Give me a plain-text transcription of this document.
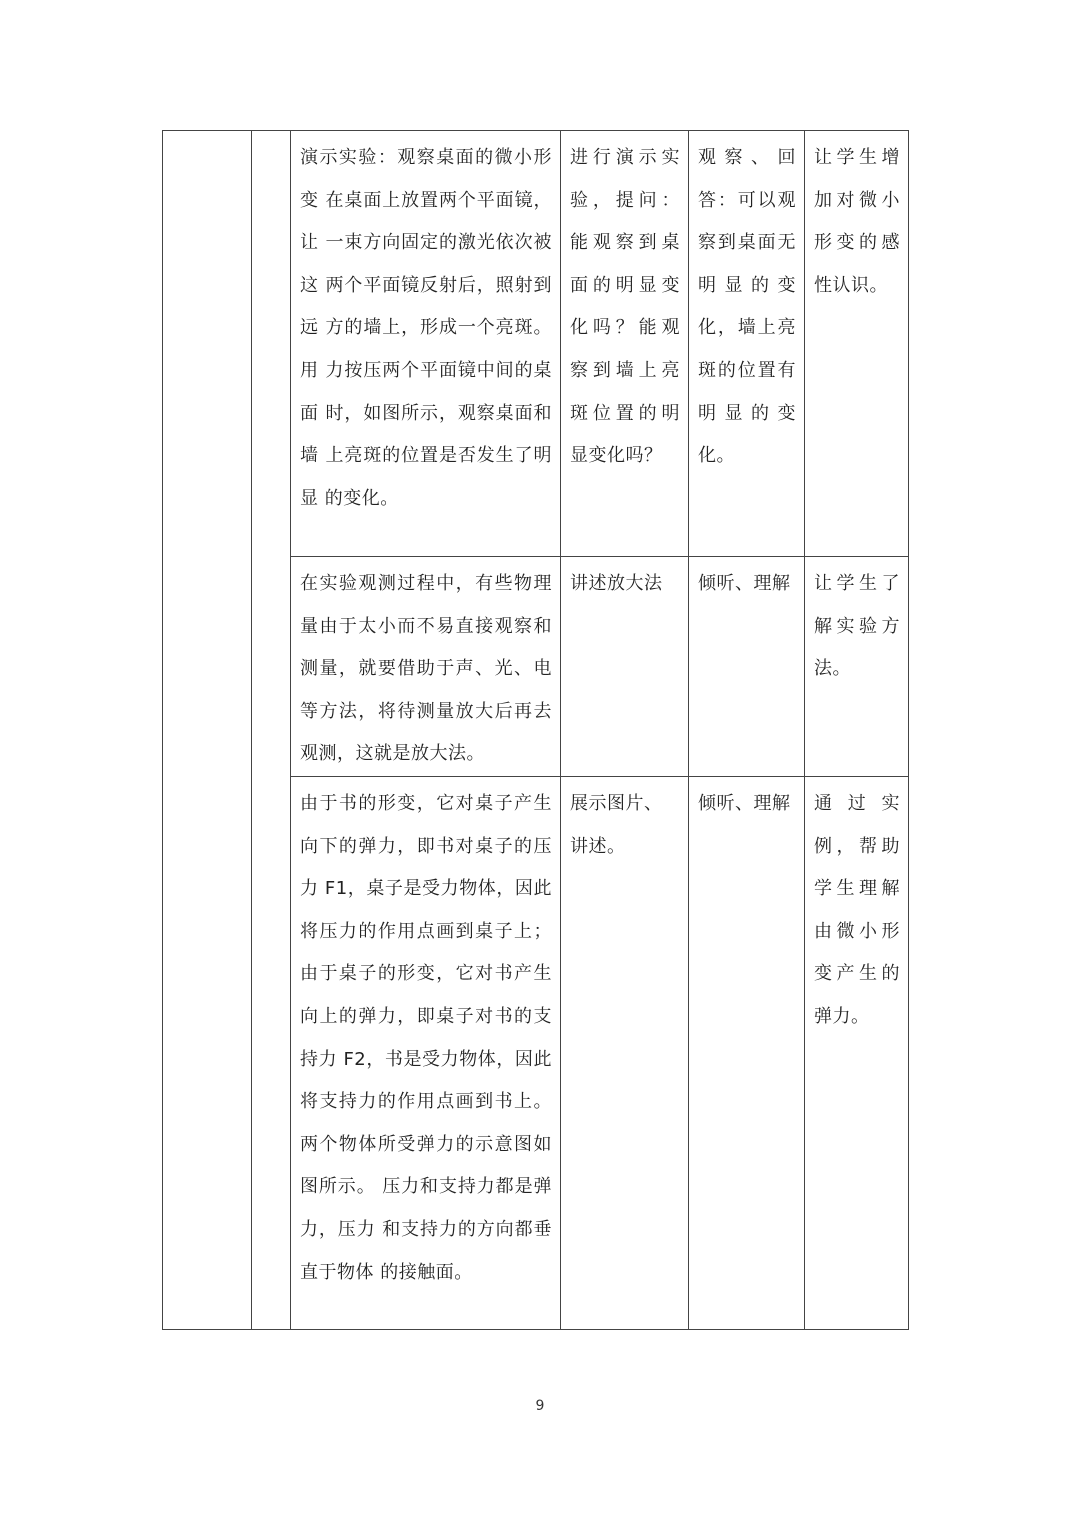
		演示实验：观察桌面的微小形变 在桌面上放置两个平面镜，让 一束方向固定的激光依次被这 两个平面镜反射后，照射到远 方的墙上，形成一个亮斑。用 力按压两个平面镜中间的桌面 时，如图所示，观察桌面和墙 上亮斑的位置是否发生了明显 的变化。	进行演示实验，提问：能观察到桌面的明显变化吗？能观察到墙上亮斑位置的明显变化吗？	观察、回答：可以观察到桌面无明显的变化，墙上亮斑的位置有明显的变化。	让学生增加对微小形变的感性认识。

		在实验观测过程中，有些物理量由于太小而不易直接观察和测量，就要借助于声、光、电等方法，将待测量放大后再去观测，这就是放大法。	讲述放大法	倾听、理解	让学生了解实验方法。

		由于书的形变，它对桌子产生向下的弹力，即书对桌子的压力 F1，桌子是受力物体，因此将压力的作用点画到桌子上；由于桌子的形变，它对书产生向上的弹力，即桌子对书的支持力 F2，书是受力物体，因此将支持力的作用点画到书上。两个物体所受弹力的示意图如图所示。 压力和支持力都是弹力，压力 和支持力的方向都垂直于物体 的接触面。	展示图片、讲述。	倾听、理解	通过实例，帮助学生理解由微小形变产生的弹力。
9
